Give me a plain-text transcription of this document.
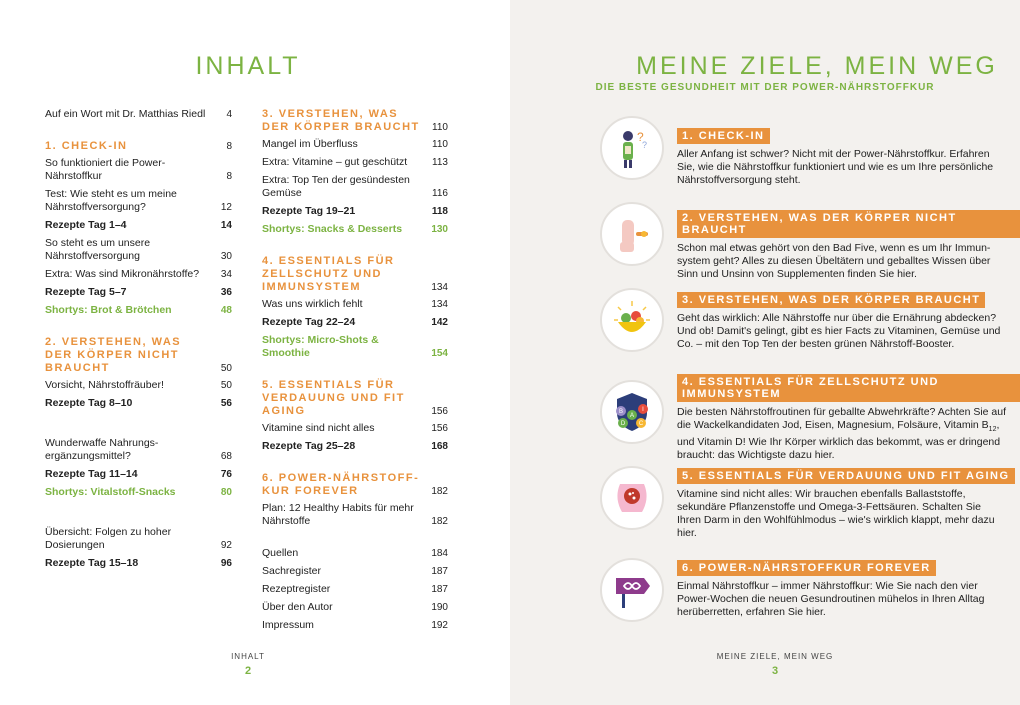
INHALT
Auf ein Wort mit Dr. Matthias Riedl 4
1. CHECK-IN	8
So funktioniert die Power-Nährstoffkur	8
Test: Wie steht es um meine Nährstoffversorgung?	12
Rezepte Tag 1–4	14
So steht es um unsere Nährstoffversorgung	30
Extra: Was sind Mikronährstoffe? 34
Rezepte Tag 5–7	36
Shortys: Brot & Brötchen	48
2. VERSTEHEN, WAS DER KÖRPER NICHT BRAUCHT	50
Vorsicht, Nährstoffräuber!	50
Rezepte Tag 8–10	56
Wunderwaffe Nahrungs-ergänzungsmittel?	68
Rezepte Tag 11–14	76
Shortys: Vitalstoff-Snacks	80
Übersicht: Folgen zu hoher Dosierungen	92
Rezepte Tag 15–18	96
3. VERSTEHEN, WAS DER KÖRPER BRAUCHT 110
Mangel im Überfluss	110
Extra: Vitamine – gut geschützt 113
Extra: Top Ten der gesündesten Gemüse	116
Rezepte Tag 19–21	118
Shortys: Snacks & Desserts	130
4. ESSENTIALS FÜR ZELLSCHUTZ UND IMMUNSYSTEM	134
Was uns wirklich fehlt	134
Rezepte Tag 22–24	142
Shortys: Micro-Shots & Smoothie	154
5. ESSENTIALS FÜR VERDAUUNG UND FIT AGING	156
Vitamine sind nicht alles	156
Rezepte Tag 25–28	168
6. POWER-NÄHRSTOFF-KUR FOREVER	182
Plan: 12 Healthy Habits für mehr Nährstoffe	182
Quellen	184
Sachregister	187
Rezeptregister	187
Über den Autor	190
Impressum	192
INHALT
2
MEINE ZIELE, MEIN WEG
DIE BESTE GESUNDHEIT MIT DER POWER-NÄHRSTOFFKUR
?
?
1. CHECK-IN
Aller Anfang ist schwer? Nicht mit der Power-Nährstoffkur. Erfahren Sie, wie die Nährstoffkur funktioniert und wie es um Ihre persönliche Nährstoffversorgung steht.
2. VERSTEHEN, WAS DER KÖRPER NICHT BRAUCHT
Schon mal etwas gehört von den Bad Five, wenn es um Ihr Immun-system geht? Alles zu diesen Übeltätern und geballtes Wissen über Sinn und Unsinn von Supplementen finden Sie hier.
3. VERSTEHEN, WAS DER KÖRPER BRAUCHT
Geht das wirklich: Alle Nährstoffe nur über die Ernährung abdecken? Und ob! Damit's gelingt, gibt es hier Facts zu Vitaminen, Gemüse und Co. – mit den Top Ten der besten grünen Nährstoff-Booster.
B	I
A
D C
4. ESSENTIALS FÜR ZELLSCHUTZ UND IMMUNSYSTEM
Die besten Nährstoffroutinen für geballte Abwehrkräfte? Achten Sie auf die Wackelkandidaten Jod, Eisen, Magnesium, Folsäure, Vitamin $B_{12}$, und Vitamin D! Wie Ihr Körper wirklich das bekommt, was er dringend braucht: das Wichtigste dazu hier.
5. ESSENTIALS FÜR VERDAUUNG UND FIT AGING
Vitamine sind nicht alles: Wir brauchen ebenfalls Ballaststoffe, sekundäre Pflanzenstoffe und Omega-3-Fettsäuren. Schalten Sie Ihren Darm in den Wohlfühlmodus – wie's wirklich klappt, mehr dazu hier.
6. POWER-NÄHRSTOFFKUR FOREVER
Einmal Nährstoffkur – immer Nährstoffkur: Wie Sie nach den vier Power-Wochen die neuen Gesundroutinen mühelos in Ihren Alltag herüberretten, erfahren Sie hier.
MEINE ZIELE, MEIN WEG
3
